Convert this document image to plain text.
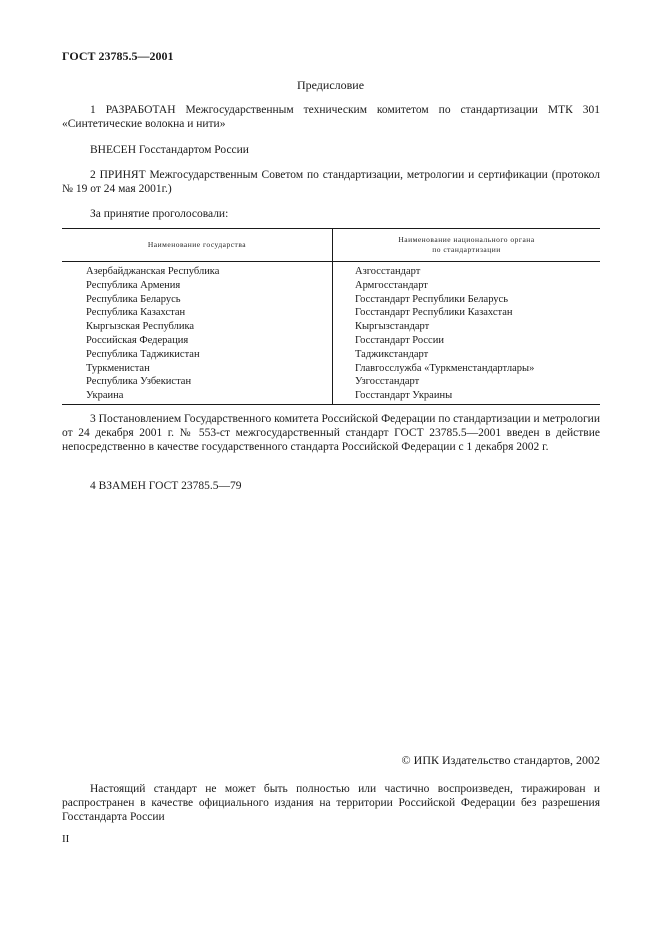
ГОСТ 23785.5—2001
Предисловие
1 РАЗРАБОТАН Межгосударственным техническим комитетом по стандартизации МТК 301 «Синтетические волокна и нити»
ВНЕСЕН Госстандартом России
2 ПРИНЯТ Межгосударственным Советом по стандартизации, метрологии и сертификации (протокол № 19 от 24 мая 2001г.)
За принятие проголосовали:
Наименование государства	Наименование национального органа
по стандартизации
Азербайджанская Республика	Азгосстандарт
Республика Армения	Армгосстандарт
Республика Беларусь	Госстандарт Республики Беларусь
Республика Казахстан	Госстандарт Республики Казахстан
Кыргызская Республика	Кыргызстандарт
Российская Федерация	Госстандарт России
Республика Таджикистан	Таджикстандарт
Туркменистан	Главгосслужба «Туркменстандартлары»
Республика Узбекистан	Узгосстандарт
Украина	Госстандарт Украины
3 Постановлением Государственного комитета Российской Федерации по стандартизации и метрологии от 24 декабря 2001 г. № 553-ст межгосударственный стандарт ГОСТ 23785.5—2001 введен в действие непосредственно в качестве государственного стандарта Российской Федерации с 1 декабря 2002 г.
4 ВЗАМЕН ГОСТ 23785.5—79
© ИПК Издательство стандартов, 2002
Настоящий стандарт не может быть полностью или частично воспроизведен, тиражирован и распространен в качестве официального издания на территории Российской Федерации без разрешения Госстандарта России
II
